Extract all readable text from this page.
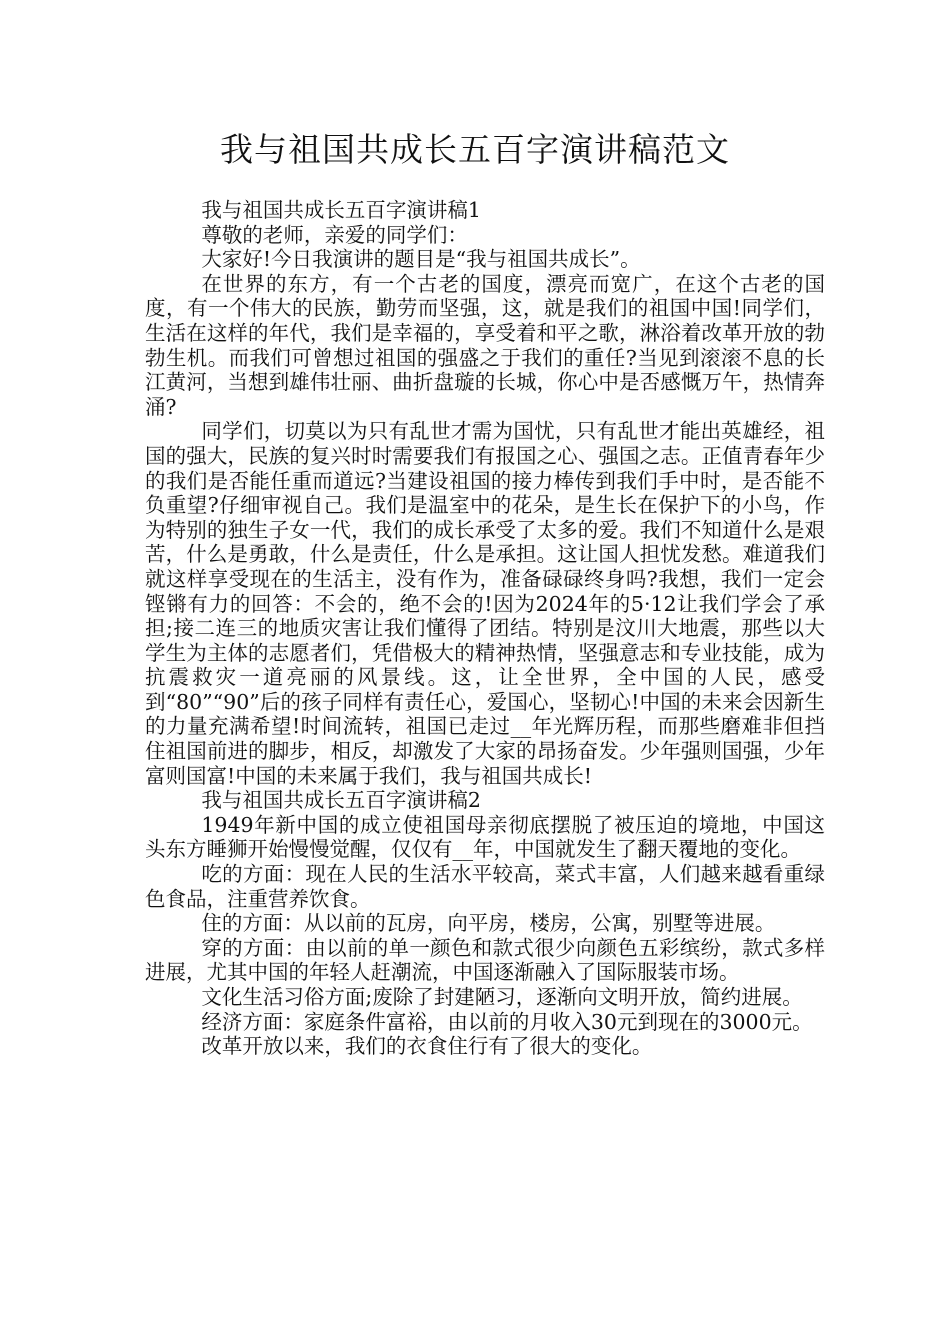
我与祖国共成长五百字演讲稿范文

我与祖国共成长五百字演讲稿1

尊敬的老师，亲爱的同学们：

大家好!今日我演讲的题目是“我与祖国共成长”。

在世界的东方，有一个古老的国度，漂亮而宽广，在这个古老的国度，有一个伟大的民族，勤劳而坚强，这，就是我们的祖国中国!同学们，生活在这样的年代，我们是幸福的，享受着和平之歌，淋浴着改革开放的勃勃生机。而我们可曾想过祖国的强盛之于我们的重任?当见到滚滚不息的长江黄河，当想到雄伟壮丽、曲折盘璇的长城，你心中是否感慨万午，热情奔涌?

同学们，切莫以为只有乱世才需为国忧，只有乱世才能出英雄经，祖国的强大，民族的复兴时时需要我们有报国之心、强国之志。正值青春年少的我们是否能任重而道远?当建设祖国的接力棒传到我们手中时，是否能不负重望?仔细审视自己。我们是温室中的花朵，是生长在保护下的小鸟，作为特别的独生子女一代，我们的成长承受了太多的爱。我们不知道什么是艰苦，什么是勇敢，什么是责任，什么是承担。这让国人担忧发愁。难道我们就这样享受现在的生活主，没有作为，准备碌碌终身吗?我想，我们一定会铿锵有力的回答：不会的，绝不会的!因为2024年的5·12让我们学会了承担;接二连三的地质灾害让我们懂得了团结。特别是汶川大地震，那些以大学生为主体的志愿者们，凭借极大的精神热情，坚强意志和专业技能，成为抗震救灾一道亮丽的风景线。这，让全世界，全中国的人民，感受到“80”“90”后的孩子同样有责任心，爱国心，坚韧心!中国的未来会因新生的力量充满希望!时间流转，祖国已走过__年光辉历程，而那些磨难非但挡住祖国前进的脚步，相反，却激发了大家的昂扬奋发。少年强则国强，少年富则国富!中国的未来属于我们，我与祖国共成长!

我与祖国共成长五百字演讲稿2

1949年新中国的成立使祖国母亲彻底摆脱了被压迫的境地，中国这头东方睡狮开始慢慢觉醒，仅仅有__年，中国就发生了翻天覆地的变化。

吃的方面：现在人民的生活水平较高，菜式丰富，人们越来越看重绿色食品，注重营养饮食。

住的方面：从以前的瓦房，向平房，楼房，公寓，别墅等进展。

穿的方面：由以前的单一颜色和款式很少向颜色五彩缤纷，款式多样进展，尤其中国的年轻人赶潮流，中国逐渐融入了国际服装市场。

文化生活习俗方面;废除了封建陋习，逐渐向文明开放，简约进展。

经济方面：家庭条件富裕，由以前的月收入30元到现在的3000元。

改革开放以来，我们的衣食住行有了很大的变化。
